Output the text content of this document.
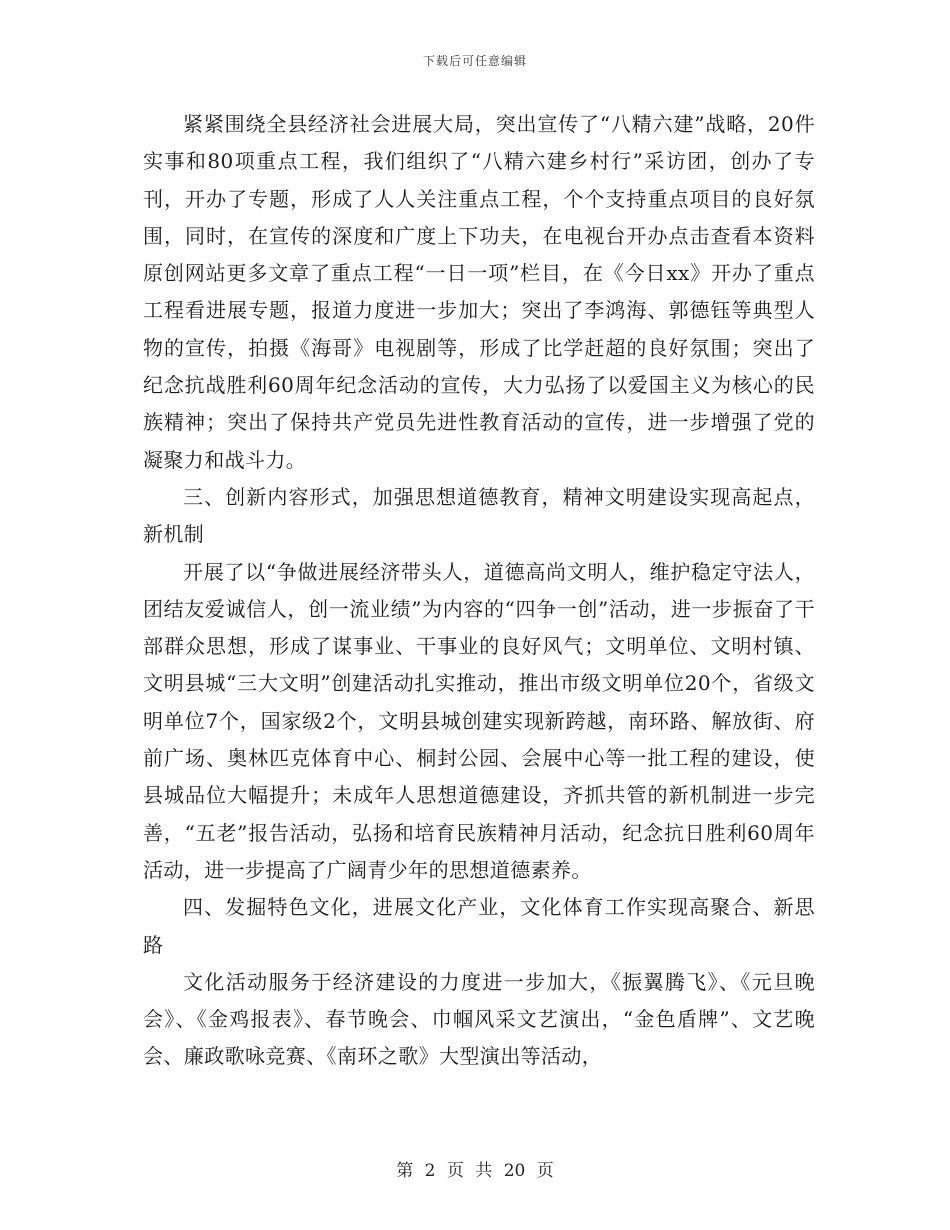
下载后可任意编辑

紧紧围绕全县经济社会进展大局，突出宣传了“八精六建”战略，20件实事和80项重点工程，我们组织了“八精六建乡村行”采访团，创办了专刊，开办了专题，形成了人人关注重点工程，个个支持重点项目的良好氛围，同时，在宣传的深度和广度上下功夫，在电视台开办点击查看本资料原创网站更多文章了重点工程“一日一项”栏目，在《今日xx》开办了重点工程看进展专题，报道力度进一步加大；突出了李鸿海、郭德钰等典型人物的宣传，拍摄《海哥》电视剧等，形成了比学赶超的良好氛围；突出了纪念抗战胜利60周年纪念活动的宣传，大力弘扬了以爱国主义为核心的民族精神；突出了保持共产党员先进性教育活动的宣传，进一步增强了党的凝聚力和战斗力。

三、创新内容形式，加强思想道德教育，精神文明建设实现高起点，新机制

开展了以“争做进展经济带头人，道德高尚文明人，维护稳定守法人，团结友爱诚信人，创一流业绩”为内容的“四争一创”活动，进一步振奋了干部群众思想，形成了谋事业、干事业的良好风气；文明单位、文明村镇、文明县城“三大文明”创建活动扎实推动，推出市级文明单位20个，省级文明单位7个，国家级2个，文明县城创建实现新跨越，南环路、解放街、府前广场、奥林匹克体育中心、桐封公园、会展中心等一批工程的建设，使县城品位大幅提升；未成年人思想道德建设，齐抓共管的新机制进一步完善，“五老”报告活动，弘扬和培育民族精神月活动，纪念抗日胜利60周年活动，进一步提高了广阔青少年的思想道德素养。

四、发掘特色文化，进展文化产业，文化体育工作实现高聚合、新思路

文化活动服务于经济建设的力度进一步加大，《振翼腾飞》、《元旦晚会》、《金鸡报表》、春节晚会、巾帼风采文艺演出，“金色盾牌”、文艺晚会、廉政歌咏竞赛、《南环之歌》大型演出等活动，

第 2 页 共 20 页
